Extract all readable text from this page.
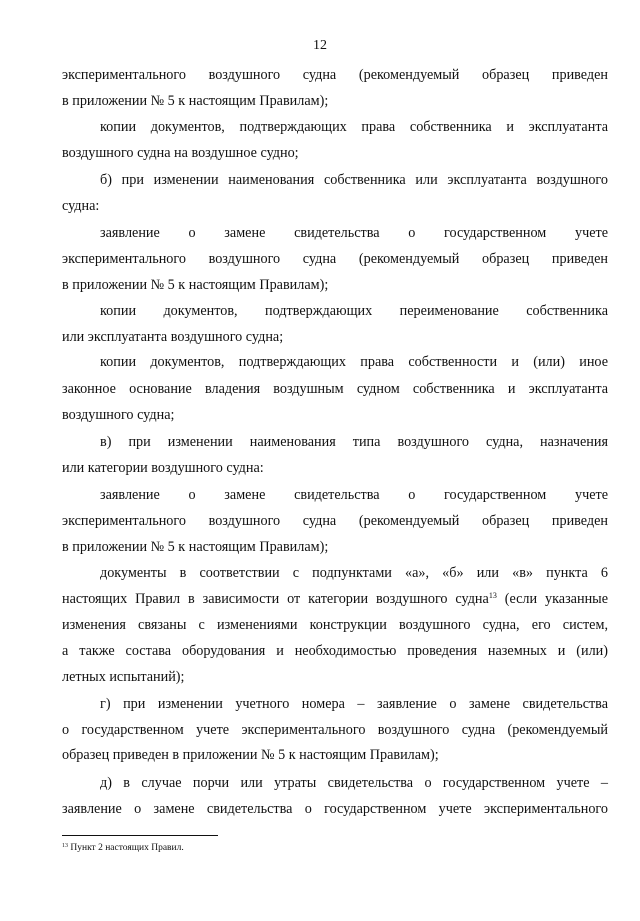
12
экспериментального воздушного судна (рекомендуемый образец приведен
в приложении № 5 к настоящим Правилам);
копии документов, подтверждающих права собственника и эксплуатанта
воздушного судна на воздушное судно;
б) при изменении наименования собственника или эксплуатанта воздушного
судна:
заявление о замене свидетельства о государственном учете
экспериментального воздушного судна (рекомендуемый образец приведен
в приложении № 5 к настоящим Правилам);
копии документов, подтверждающих переименование собственника
или эксплуатанта воздушного судна;
копии документов, подтверждающих права собственности и (или) иное
законное основание владения воздушным судном собственника и эксплуатанта
воздушного судна;
в) при изменении наименования типа воздушного судна, назначения
или категории воздушного судна:
заявление о замене свидетельства о государственном учете
экспериментального воздушного судна (рекомендуемый образец приведен
в приложении № 5 к настоящим Правилам);
документы в соответствии с подпунктами «а», «б» или «в» пункта 6
настоящих Правил в зависимости от категории воздушного судна$^{13}$ (если указанные
изменения связаны с изменениями конструкции воздушного судна, его систем,
а также состава оборудования и необходимостью проведения наземных и (или)
летных испытаний);
г) при изменении учетного номера – заявление о замене свидетельства
о государственном учете экспериментального воздушного судна (рекомендуемый
образец приведен в приложении № 5 к настоящим Правилам);
д) в случае порчи или утраты свидетельства о государственном учете –
заявление о замене свидетельства о государственном учете экспериментального
$^{13}$ Пункт 2 настоящих Правил.
